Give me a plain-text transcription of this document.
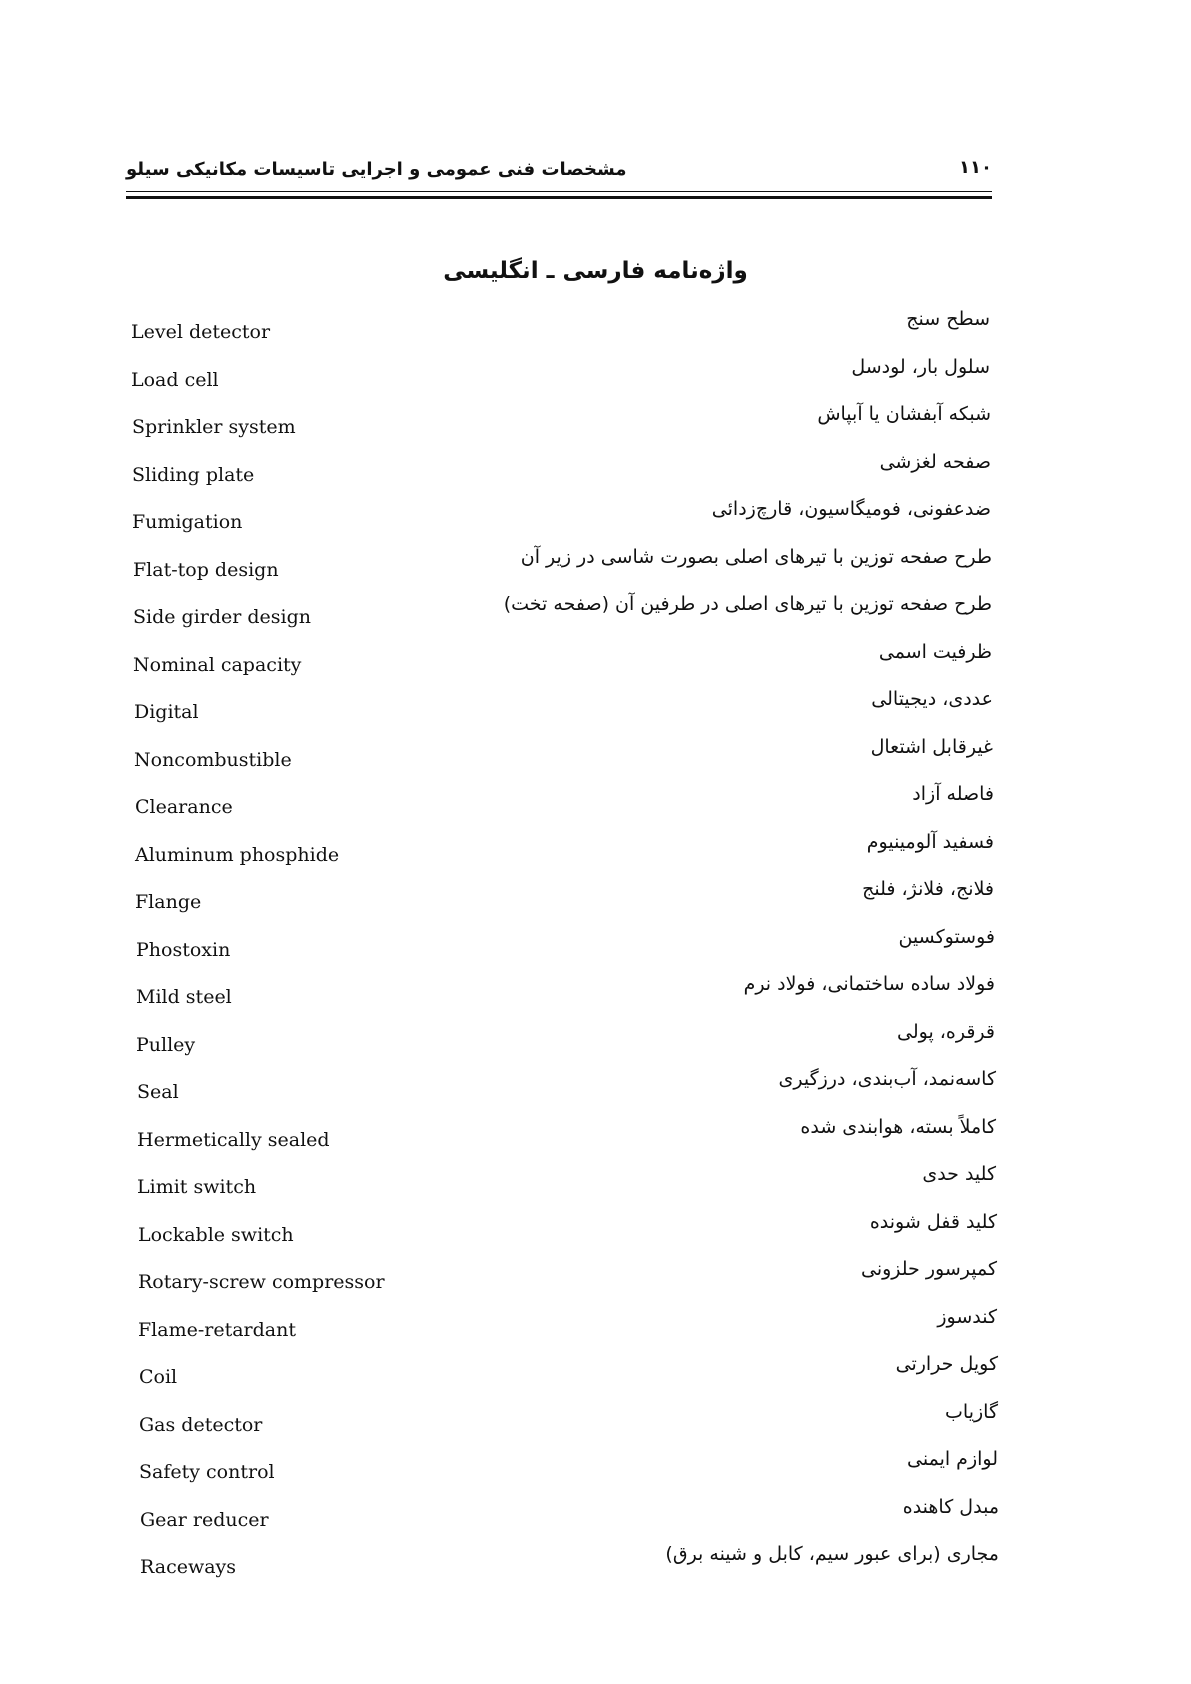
مشخصات فنی عمومی و اجرایی تاسیسات مکانیکی سیلو	۱۱۰
واژه‌نامه فارسی ـ انگلیسی
Level detector
سطح سنج
Load cell
سلول بار، لودسل
Sprinkler system
شبکه آبفشان یا آبپاش
Sliding plate
صفحه لغزشی
Fumigation
ضدعفونی، فومیگاسیون، قارچ‌زدائی
Flat-top design
طرح صفحه توزین با تیرهای اصلی بصورت شاسی در زیر آن
Side girder design
طرح صفحه توزین با تیرهای اصلی در طرفین آن (صفحه تخت)
Nominal capacity
ظرفیت اسمی
Digital
عددی، دیجیتالی
Noncombustible
غیرقابل اشتعال
Clearance
فاصله آزاد
Aluminum phosphide
فسفید آلومینیوم
Flange
فلانج، فلانژ، فلنج
Phostoxin
فوستوکسین
Mild steel
فولاد ساده ساختمانی، فولاد نرم
Pulley
قرقره، پولی
Seal
کاسه‌نمد، آب‌بندی، درزگیری
Hermetically sealed
کاملاً بسته، هوابندی شده
Limit switch
کلید حدی
Lockable switch
کلید قفل شونده
Rotary-screw compressor
کمپرسور حلزونی
Flame-retardant
کندسوز
Coil
کویل حرارتی
Gas detector
گازیاب
Safety control
لوازم ایمنی
Gear reducer
مبدل کاهنده
Raceways
مجاری (برای عبور سیم، کابل و شینه برق)
